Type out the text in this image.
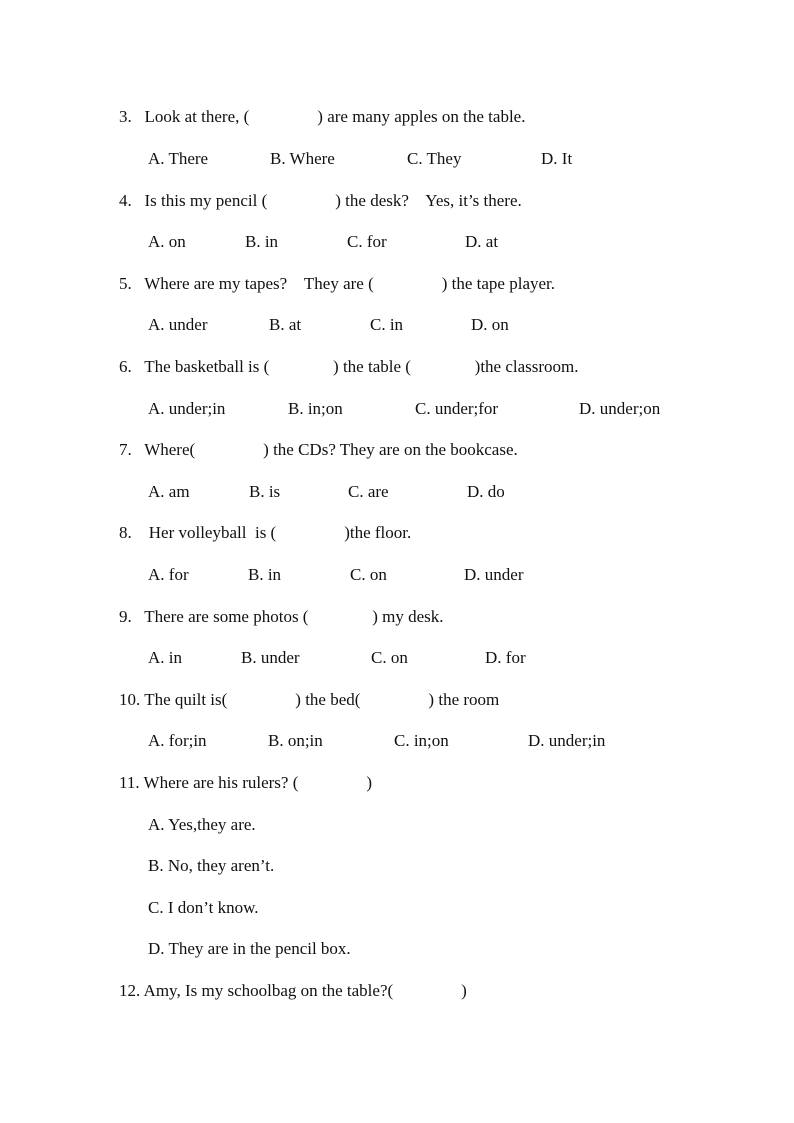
3.   Look at there, (                ) are many apples on the table.

A. There

	B. Where

	C. They

	D. It

4.   Is this my pencil (                ) the desk?    Yes, it’s there.

A. on

	B. in

	C. for

	D. at

5.   Where are my tapes?    They are (                ) the tape player.

A. under

	B. at

	C. in

	D. on

6.   The basketball is (               ) the table (               )the classroom.

A. under;in

	B. in;on

	C. under;for

	D. under;on

7.   Where(                ) the CDs? They are on the bookcase.

A. am

	B. is

	C. are

	D. do

8.    Her volleyball  is (                )the floor.

A. for

	B. in

	C. on

	D. under

9.   There are some photos (               ) my desk.

A. in

	B. under

	C. on

	D. for

10. The quilt is(                ) the bed(                ) the room

A. for;in

	B. on;in

	C. in;on

	D. under;in

11. Where are his rulers? (                )
A. Yes,they are.
B. No, they aren’t.
C. I don’t know.
D. They are in the pencil box.
12. Amy, Is my schoolbag on the table?(                )
